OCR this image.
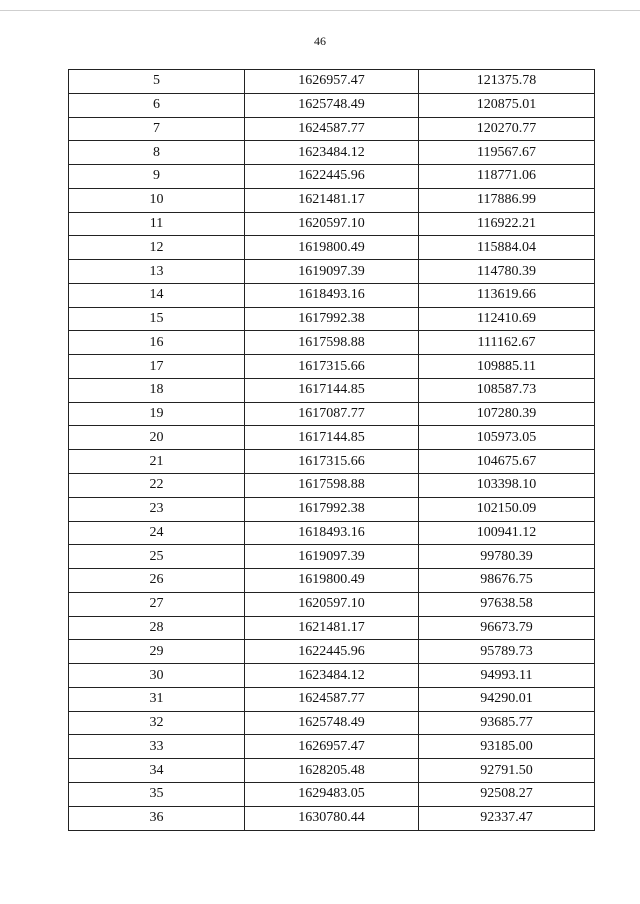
46
5	1626957.47	121375.78
6	1625748.49	120875.01
7	1624587.77	120270.77
8	1623484.12	119567.67
9	1622445.96	118771.06
10	1621481.17	117886.99
11	1620597.10	116922.21
12	1619800.49	115884.04
13	1619097.39	114780.39
14	1618493.16	113619.66
15	1617992.38	112410.69
16	1617598.88	111162.67
17	1617315.66	109885.11
18	1617144.85	108587.73
19	1617087.77	107280.39
20	1617144.85	105973.05
21	1617315.66	104675.67
22	1617598.88	103398.10
23	1617992.38	102150.09
24	1618493.16	100941.12
25	1619097.39	99780.39
26	1619800.49	98676.75
27	1620597.10	97638.58
28	1621481.17	96673.79
29	1622445.96	95789.73
30	1623484.12	94993.11
31	1624587.77	94290.01
32	1625748.49	93685.77
33	1626957.47	93185.00
34	1628205.48	92791.50
35	1629483.05	92508.27
36	1630780.44	92337.47
